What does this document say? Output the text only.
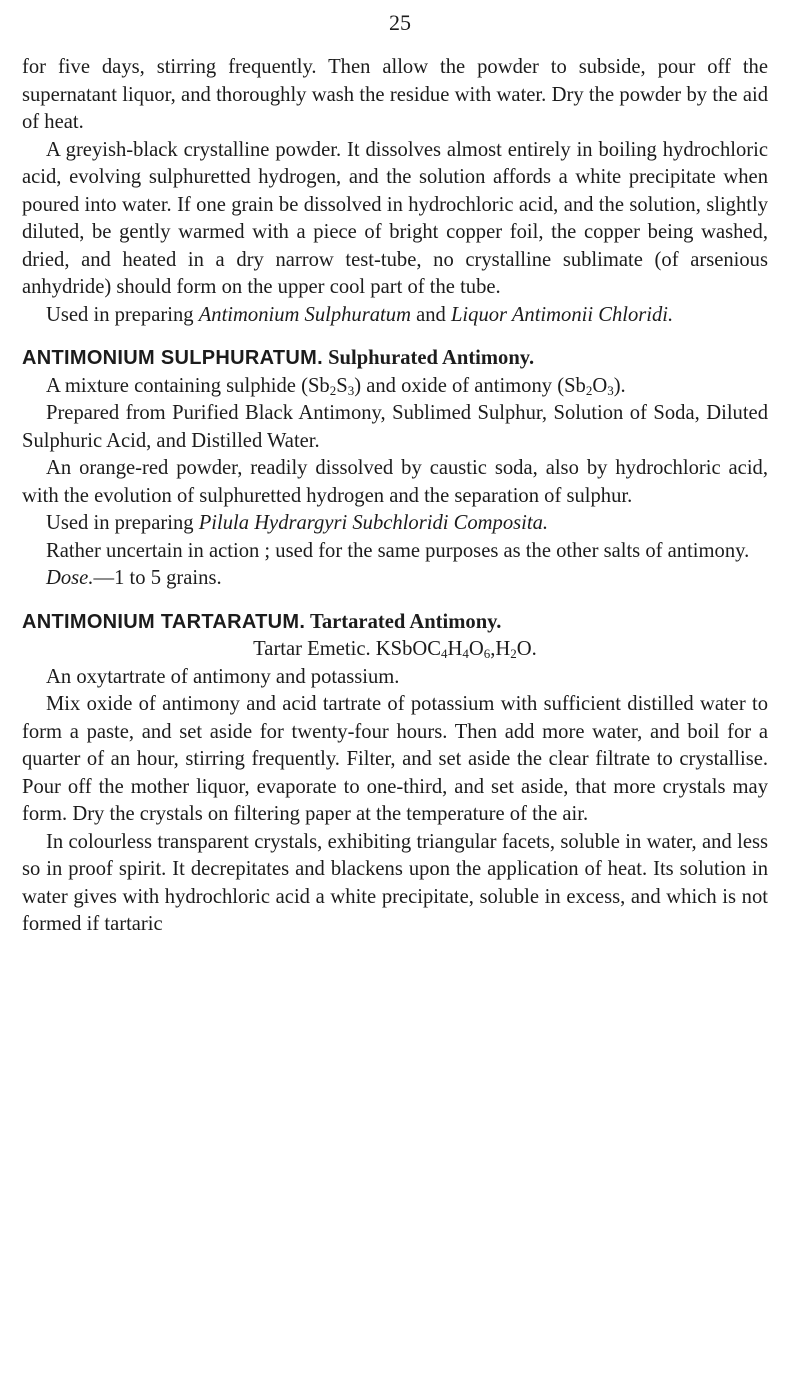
25

for five days, stirring frequently. Then allow the powder to subside, pour off the supernatant liquor, and thoroughly wash the residue with water. Dry the powder by the aid of heat.

A greyish-black crystalline powder. It dissolves almost entirely in boiling hydrochloric acid, evolving sulphuretted hydrogen, and the solution affords a white precipitate when poured into water. If one grain be dissolved in hydrochloric acid, and the solution, slightly diluted, be gently warmed with a piece of bright copper foil, the copper being washed, dried, and heated in a dry narrow test-tube, no crystalline sublimate (of arsenious anhydride) should form on the upper cool part of the tube.

Used in preparing Antimonium Sulphuratum and Liquor Antimonii Chloridi.

ANTIMONIUM SULPHURATUM. Sulphurated Antimony.

A mixture containing sulphide $(Sb_2S_3)$ and oxide of antimony $(Sb_2O_3)$.

Prepared from Purified Black Antimony, Sublimed Sulphur, Solution of Soda, Diluted Sulphuric Acid, and Distilled Water.

An orange-red powder, readily dissolved by caustic soda, also by hydrochloric acid, with the evolution of sulphuretted hydrogen and the separation of sulphur.

Used in preparing Pilula Hydrargyri Subchloridi Composita.

Rather uncertain in action ; used for the same purposes as the other salts of antimony.

Dose.—1 to 5 grains.

ANTIMONIUM TARTARATUM. Tartarated Antimony.

Tartar Emetic. $KSbOC_4H_4O_6,H_2O$.

An oxytartrate of antimony and potassium.

Mix oxide of antimony and acid tartrate of potassium with sufficient distilled water to form a paste, and set aside for twenty-four hours. Then add more water, and boil for a quarter of an hour, stirring frequently. Filter, and set aside the clear filtrate to crystallise. Pour off the mother liquor, evaporate to one-third, and set aside, that more crystals may form. Dry the crystals on filtering paper at the temperature of the air.

In colourless transparent crystals, exhibiting triangular facets, soluble in water, and less so in proof spirit. It decrepitates and blackens upon the application of heat. Its solution in water gives with hydrochloric acid a white precipitate, soluble in excess, and which is not formed if tartaric
